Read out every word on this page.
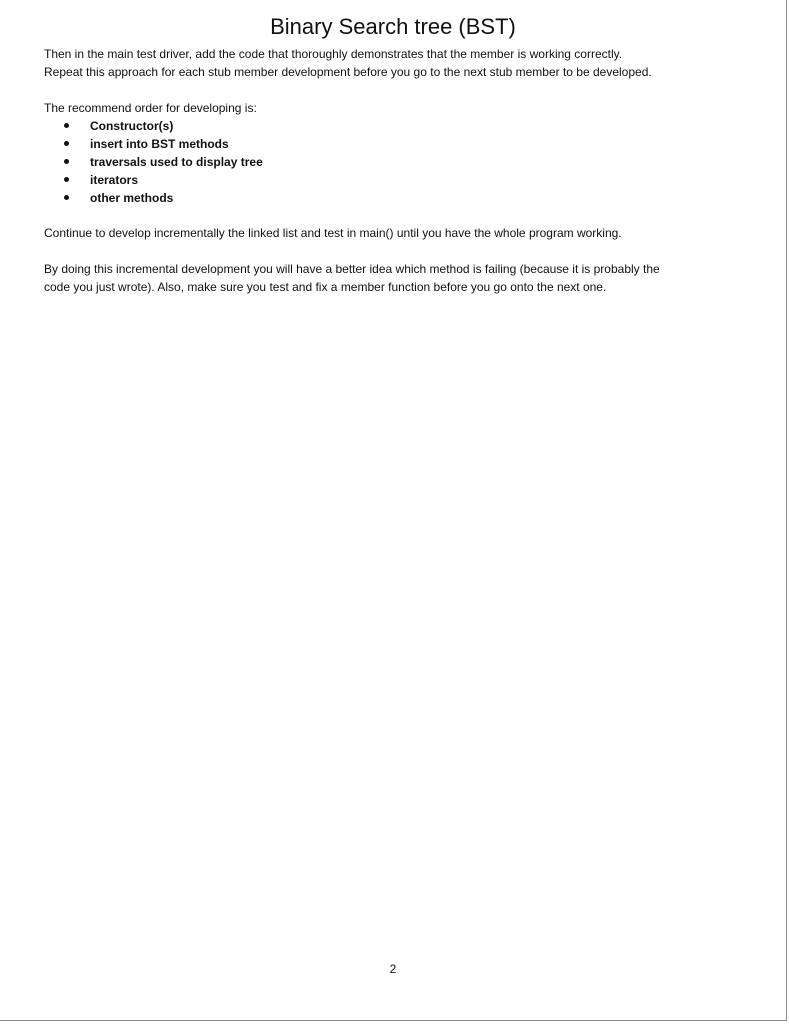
Binary Search tree (BST)

Then in the main test driver, add the code that thoroughly demonstrates that the member is working correctly.

Repeat this approach for each stub member development before you go to the next stub member to be developed.

The recommend order for developing is:

Constructor(s)
insert into BST methods
traversals used to display tree
iterators
other methods

Continue to develop incrementally the linked list and test in main() until you have the whole program working.

By doing this incremental development you will have a better idea which method is failing (because it is probably the

code you just wrote). Also, make sure you test and fix a member function before you go onto the next one.

2
